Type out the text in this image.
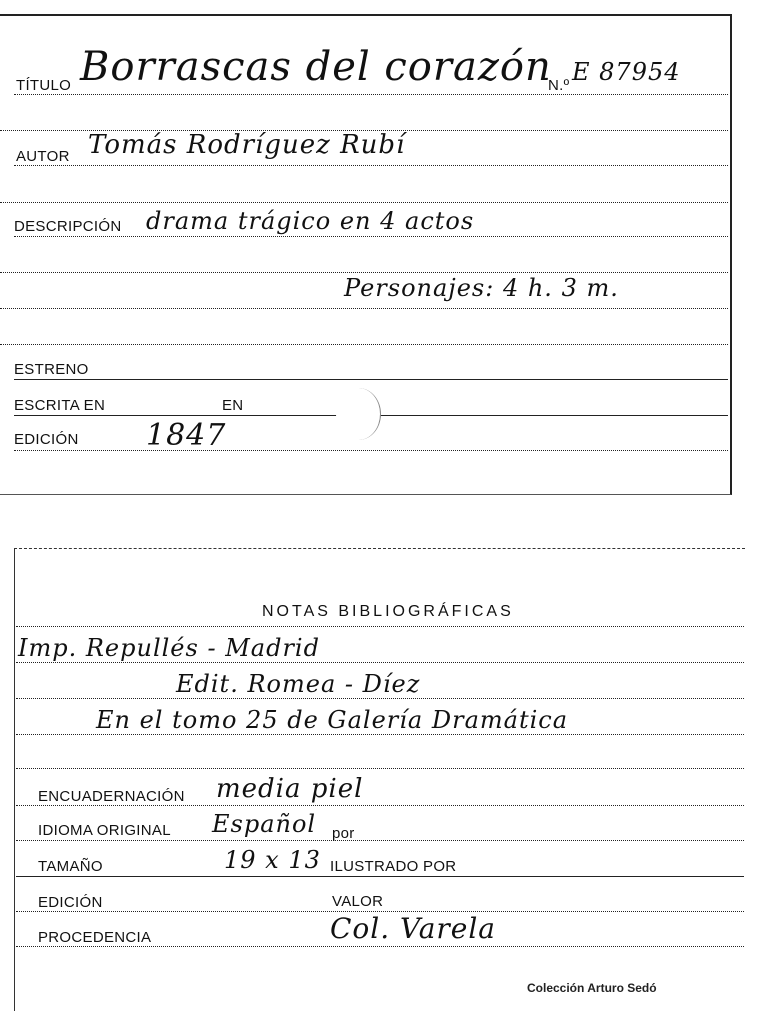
TÍTULO Borrascas del corazón
N.º E 87954
AUTOR Tomás Rodríguez Rubí
DESCRIPCIÓN drama trágico en 4 actos
Personajes: 4 h. 3 m.
ESTRENO
ESCRITA EN	EN
EDICIÓN 1847
NOTAS BIBLIOGRÁFICAS
Imp. Repullés - Madrid
Edit. Romea - Díez
En el tomo 25 de Galería Dramática
ENCUADERNACIÓN media piel
IDIOMA ORIGINAL Español por
TAMAÑO	19 x 13 ILUSTRADO POR
EDICIÓN	VALOR
PROCEDENCIA	Col. Varela
Colección Arturo Sedó
